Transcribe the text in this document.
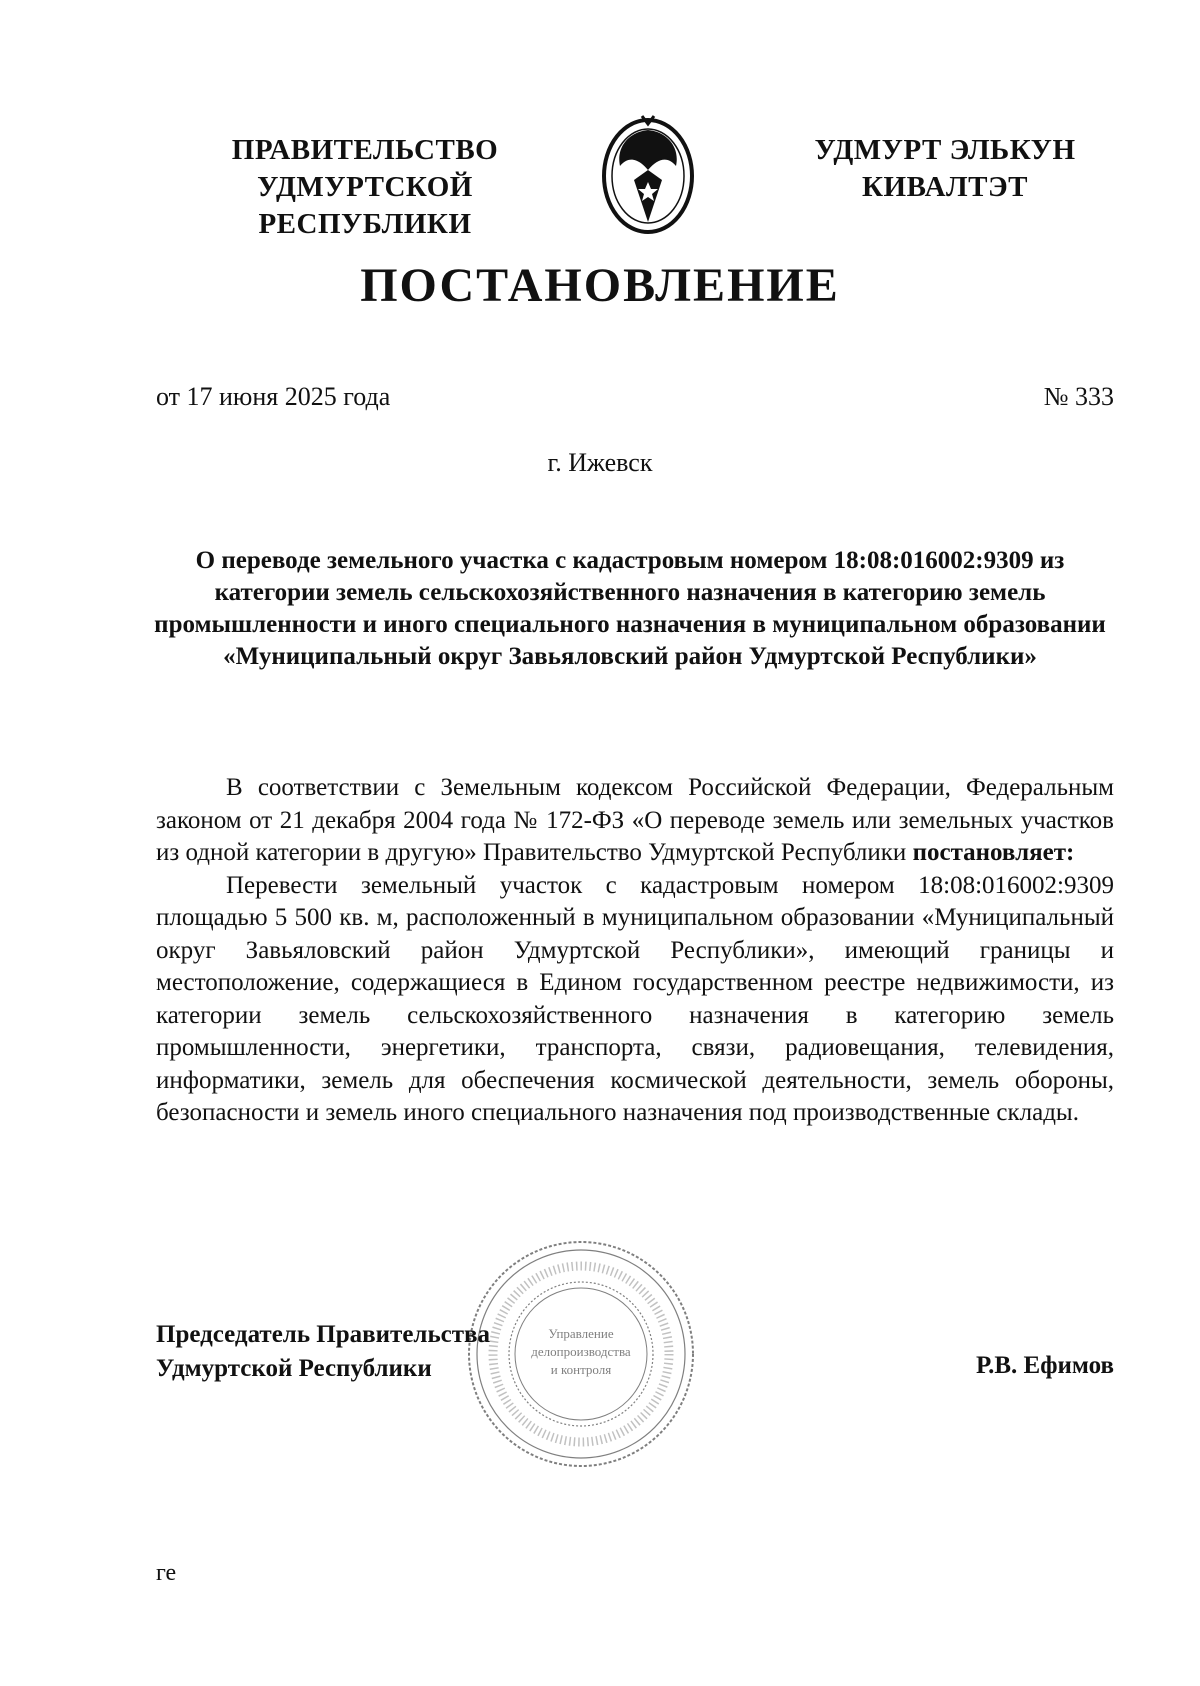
ПРАВИТЕЛЬСТВО
УДМУРТСКОЙ РЕСПУБЛИКИ
УДМУРТ ЭЛЬКУН
КИВАЛТЭТ
ПОСТАНОВЛЕНИЕ
от 17 июня 2025 года	№ 333
г. Ижевск
О переводе земельного участка с кадастровым номером 18:08:016002:9309 из категории земель сельскохозяйственного назначения в категорию земель промышленности и иного специального назначения в муниципальном образовании «Муниципальный округ Завьяловский район Удмуртской Республики»

В соответствии с Земельным кодексом Российской Федерации, Федеральным законом от 21 декабря 2004 года № 172-ФЗ «О переводе земель или земельных участков из одной категории в другую» Правительство Удмуртской Республики постановляет:

Перевести земельный участок с кадастровым номером 18:08:016002:9309 площадью 5 500 кв. м, расположенный в муниципальном образовании «Муниципальный округ Завьяловский район Удмуртской Республики», имеющий границы и местоположение, содержащиеся в Едином государственном реестре недвижимости, из категории земель сельскохозяйственного назначения в категорию земель промышленности, энергетики, транспорта, связи, радиовещания, телевидения, информатики, земель для обеспечения космической деятельности, земель обороны, безопасности и земель иного специального назначения под производственные склады.

Управление
делопроизводства
и контроля
Председатель Правительства
Удмуртской Республики	Р.В. Ефимов
ге
